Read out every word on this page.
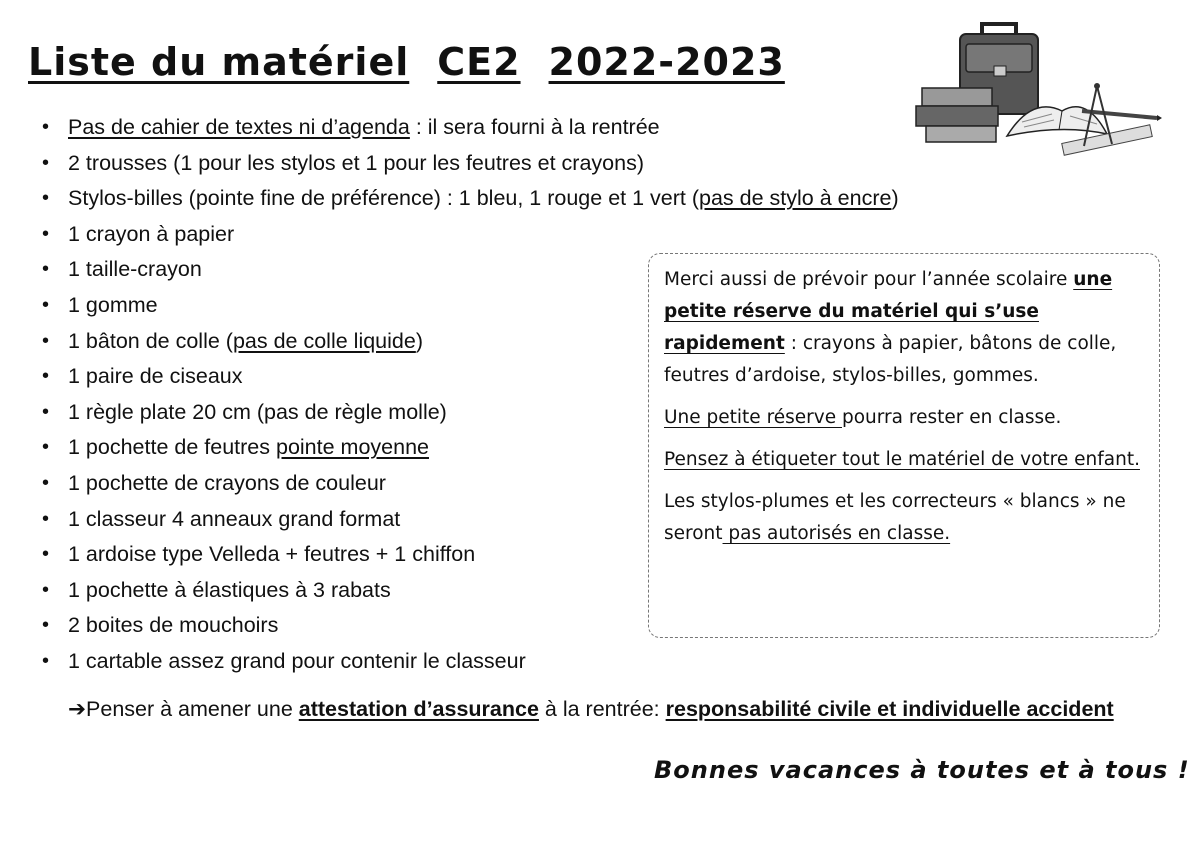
Liste du matériel CE2 2022-2023
• Pas de cahier de textes ni d’agenda : il sera fourni à la rentrée
• 2 trousses (1 pour les stylos et 1 pour les feutres et crayons)
• Stylos-billes (pointe fine de préférence) : 1 bleu, 1 rouge et 1 vert (pas de stylo à encre)
• 1 crayon à papier
• 1 taille-crayon
• 1 gomme
• 1 bâton de colle (pas de colle liquide)
• 1 paire de ciseaux
• 1 règle plate 20 cm (pas de règle molle)
• 1 pochette de feutres pointe moyenne
• 1 pochette de crayons de couleur
• 1 classeur 4 anneaux grand format
• 1 ardoise type Velleda + feutres + 1 chiffon
• 1 pochette à élastiques à 3 rabats
• 2 boites de mouchoirs
• 1 cartable assez grand pour contenir le classeur

Merci aussi de prévoir pour l’année scolaire une petite réserve du matériel qui s’use rapidement : crayons à papier, bâtons de colle, feutres d’ardoise, stylos-billes, gommes.

Une petite réserve pourra rester en classe.

Pensez à étiqueter tout le matériel de votre enfant.

Les stylos-plumes et les correcteurs « blancs » ne seront pas autorisés en classe.

➔Penser à amener une attestation d’assurance à la rentrée: responsabilité civile et individuelle accident
Bonnes vacances à toutes et à tous !
